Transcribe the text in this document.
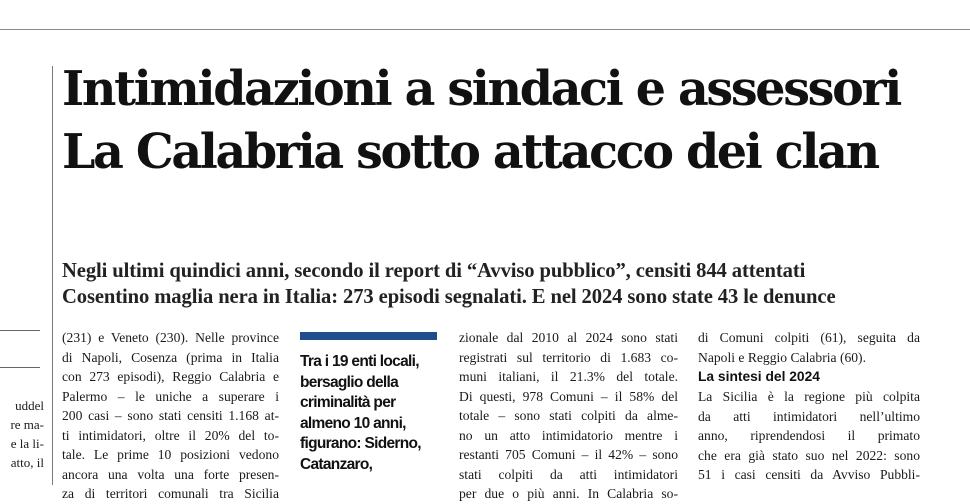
uddel
re ma-
e la li-
atto, il
Intimidazioni a sindaci e assessori
La Calabria sotto attacco dei clan
Negli ultimi quindici anni, secondo il report di “Avviso pubblico”, censiti 844 attentati
Cosentino maglia nera in Italia: 273 episodi segnalati. E nel 2024 sono state 43 le denunce
(231) e Veneto (230). Nelle province
di Napoli, Cosenza (prima in Italia
con 273 episodi), Reggio Calabria e
Palermo – le uniche a superare i
200 casi – sono stati censiti 1.168 at-
ti intimidatori, oltre il 20% del to-
tale. Le prime 10 posizioni vedono
ancora una volta una forte presen-
za di territori comunali tra Sicilia

Tra i 19 enti locali,
bersaglio della
criminalità per
almeno 10 anni,
figurano: Siderno,
Catanzaro,

zionale dal 2010 al 2024 sono stati
registrati sul territorio di 1.683 co-
muni italiani, il 21.3% del totale.
Di questi, 978 Comuni – il 58% del
totale – sono stati colpiti da alme-
no un atto intimidatorio mentre i
restanti 705 Comuni – il 42% – sono
stati colpiti da atti intimidatori
per due o più anni. In Calabria so-
di Comuni colpiti (61), seguita da
Napoli e Reggio Calabria (60).

La sintesi del 2024

La Sicilia è la regione più colpita
da atti intimidatori nell’ultimo
anno, riprendendosi il primato
che era già stato suo nel 2022: sono
51 i casi censiti da Avviso Pubbli-
